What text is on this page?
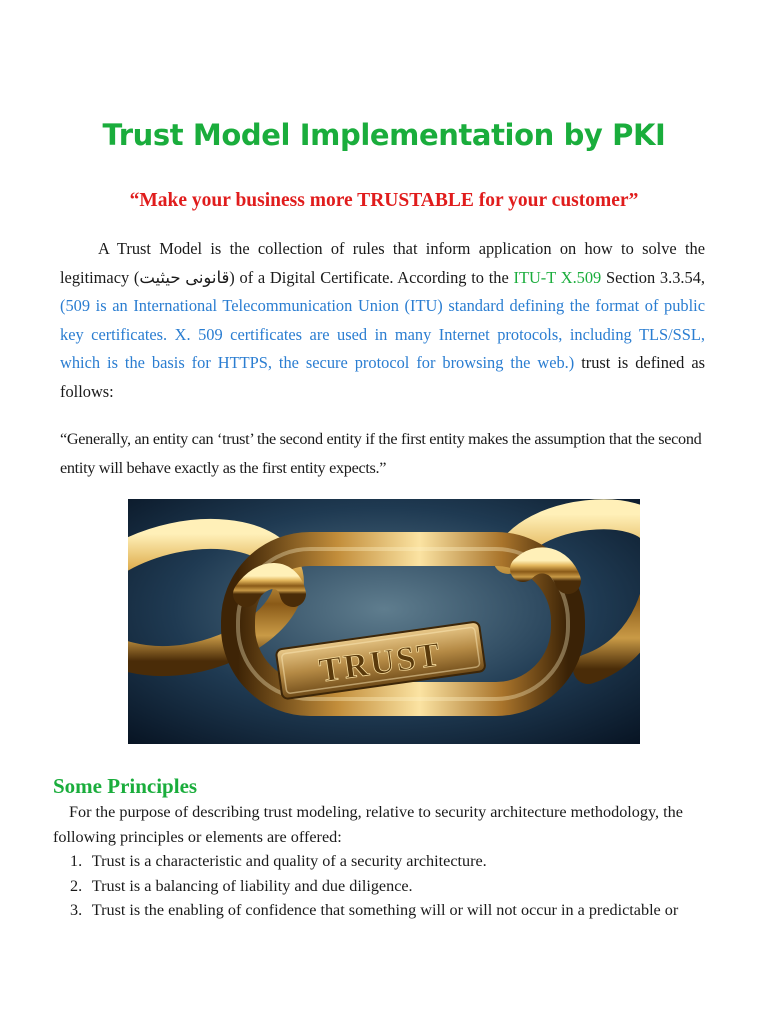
Trust Model Implementation by PKI
“Make your business more TRUSTABLE for your customer”
A Trust Model is the collection of rules that inform application on how to solve the legitimacy (قانونی حیثیت) of a Digital Certificate. According to the ITU-T X.509 Section 3.3.54, (509 is an International Telecommunication Union (ITU) standard defining the format of public key certificates. X. 509 certificates are used in many Internet protocols, including TLS/SSL, which is the basis for HTTPS, the secure protocol for browsing the web.) trust is defined as follows:
“Generally, an entity can ‘trust’ the second entity if the first entity makes the assumption that the second entity will behave exactly as the first entity expects.”
TRUST
Some Principles
For the purpose of describing trust modeling, relative to security architecture methodology, the following principles or elements are offered:
1. Trust is a characteristic and quality of a security architecture.
2. Trust is a balancing of liability and due diligence.
3. Trust is the enabling of confidence that something will or will not occur in a predictable or
